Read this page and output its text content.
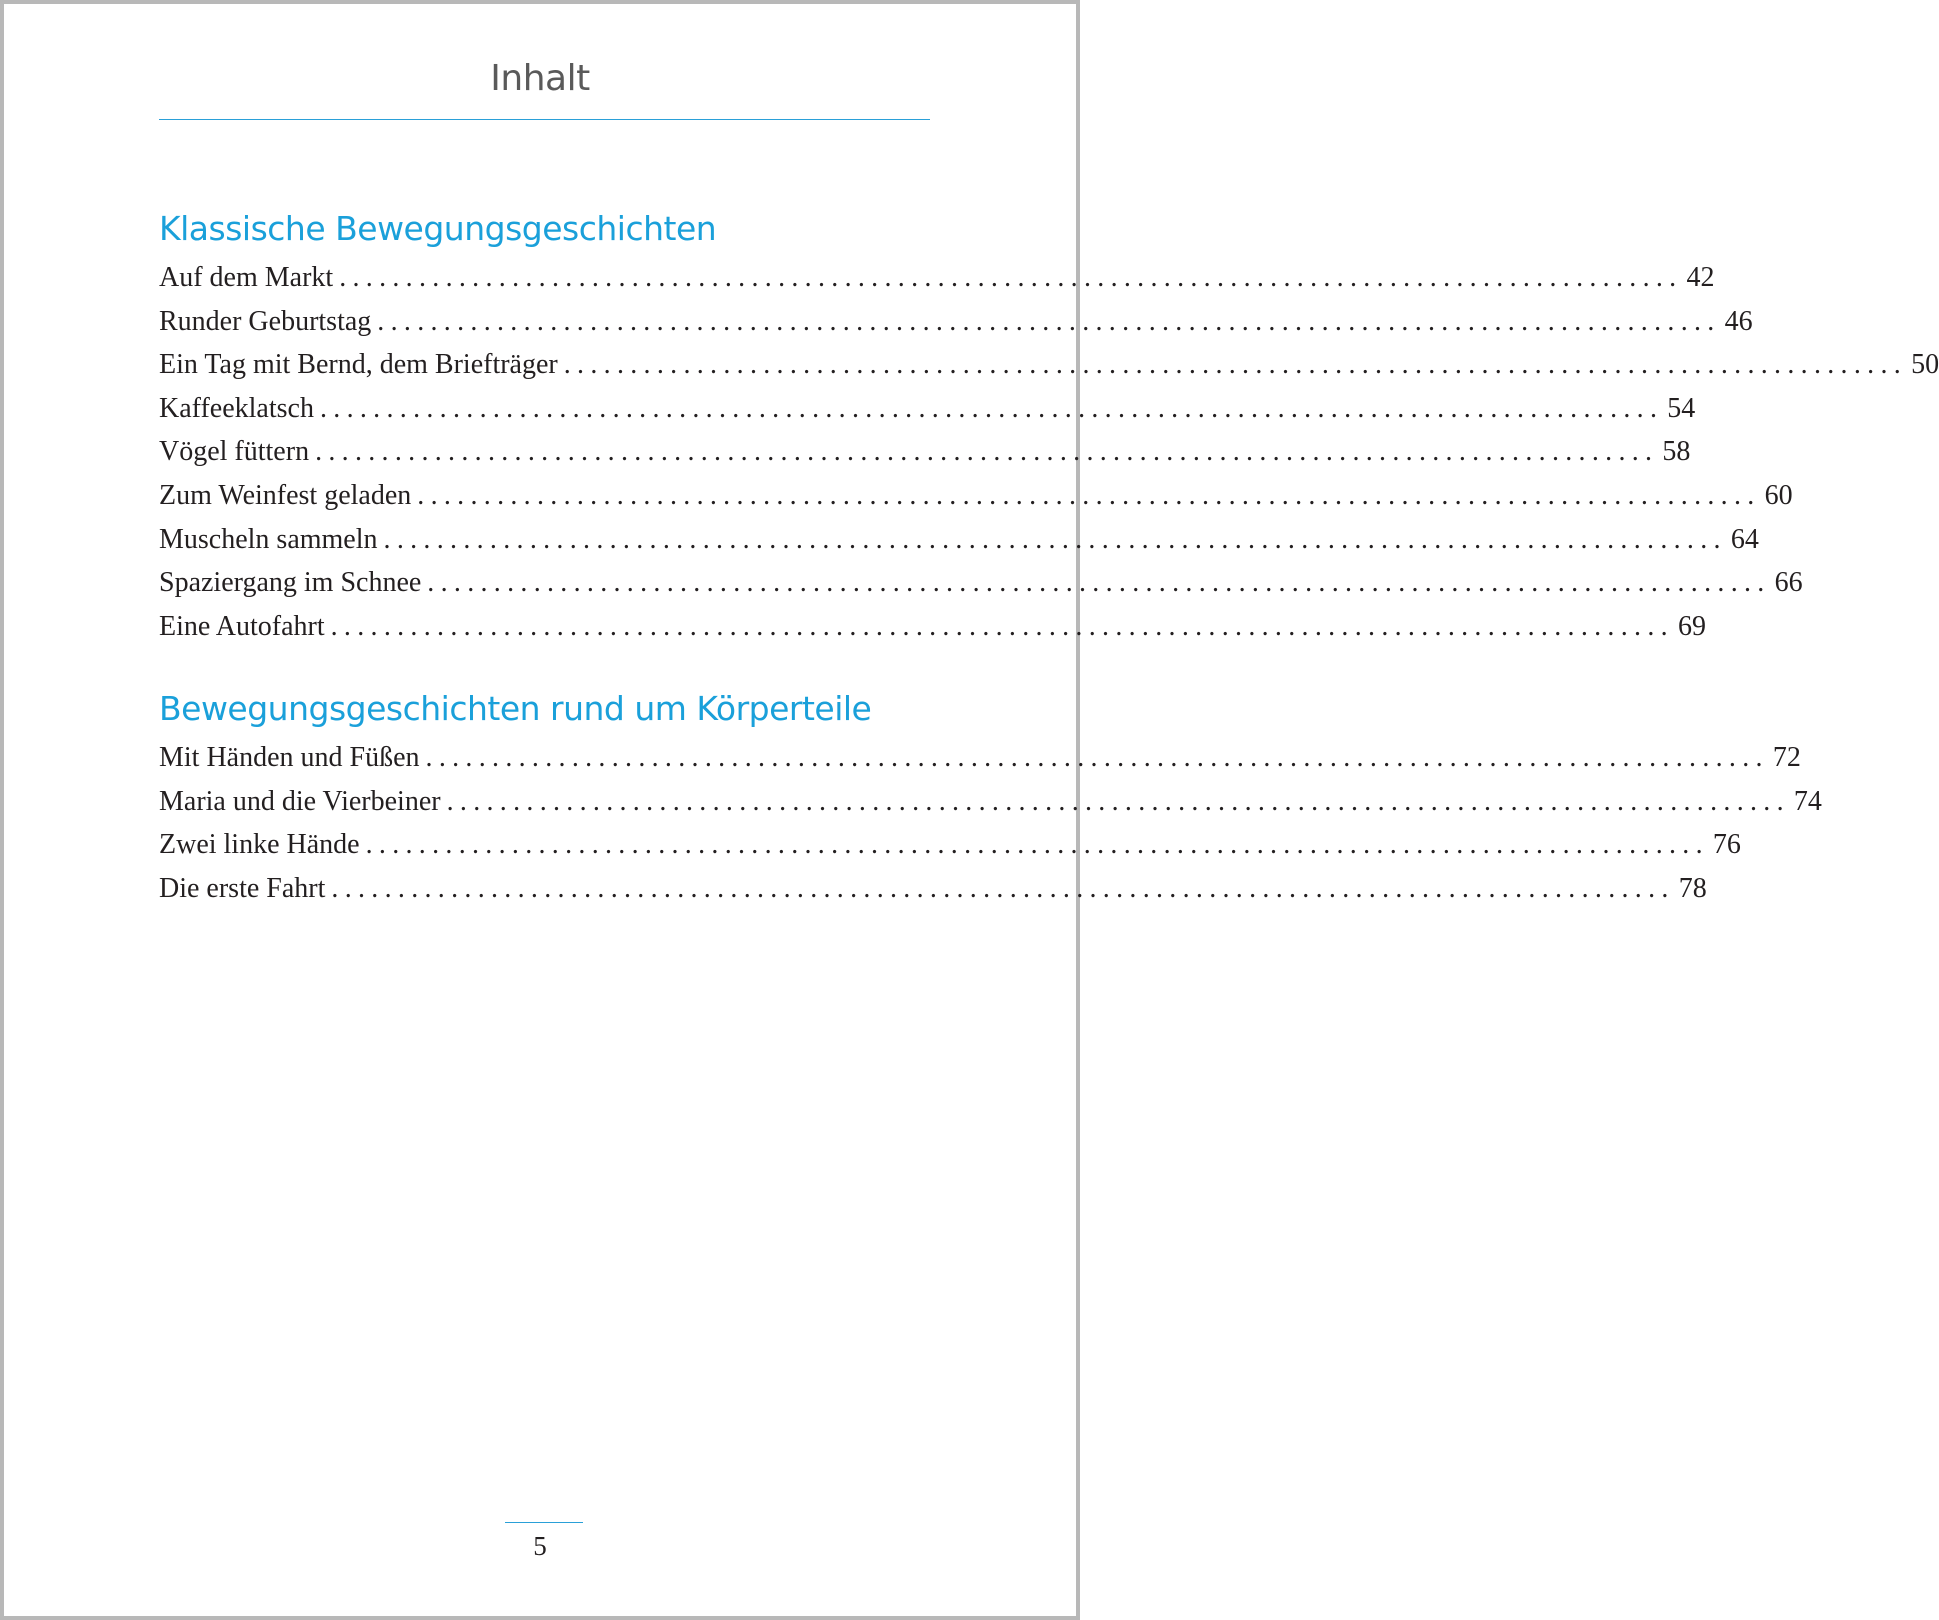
Inhalt
Klassische Bewegungsgeschichten
Auf dem Markt ..................................................................................................... 42
Runder Geburtstag ..................................................................................................... 46
Ein Tag mit Bernd, dem Briefträger ..................................................................................................... 50
Kaffeeklatsch ..................................................................................................... 54
Vögel füttern ..................................................................................................... 58
Zum Weinfest geladen ..................................................................................................... 60
Muscheln sammeln ..................................................................................................... 64
Spaziergang im Schnee ..................................................................................................... 66
Eine Autofahrt ..................................................................................................... 69
Bewegungsgeschichten rund um Körperteile
Mit Händen und Füßen ..................................................................................................... 72
Maria und die Vierbeiner ..................................................................................................... 74
Zwei linke Hände ..................................................................................................... 76
Die erste Fahrt ..................................................................................................... 78
5
